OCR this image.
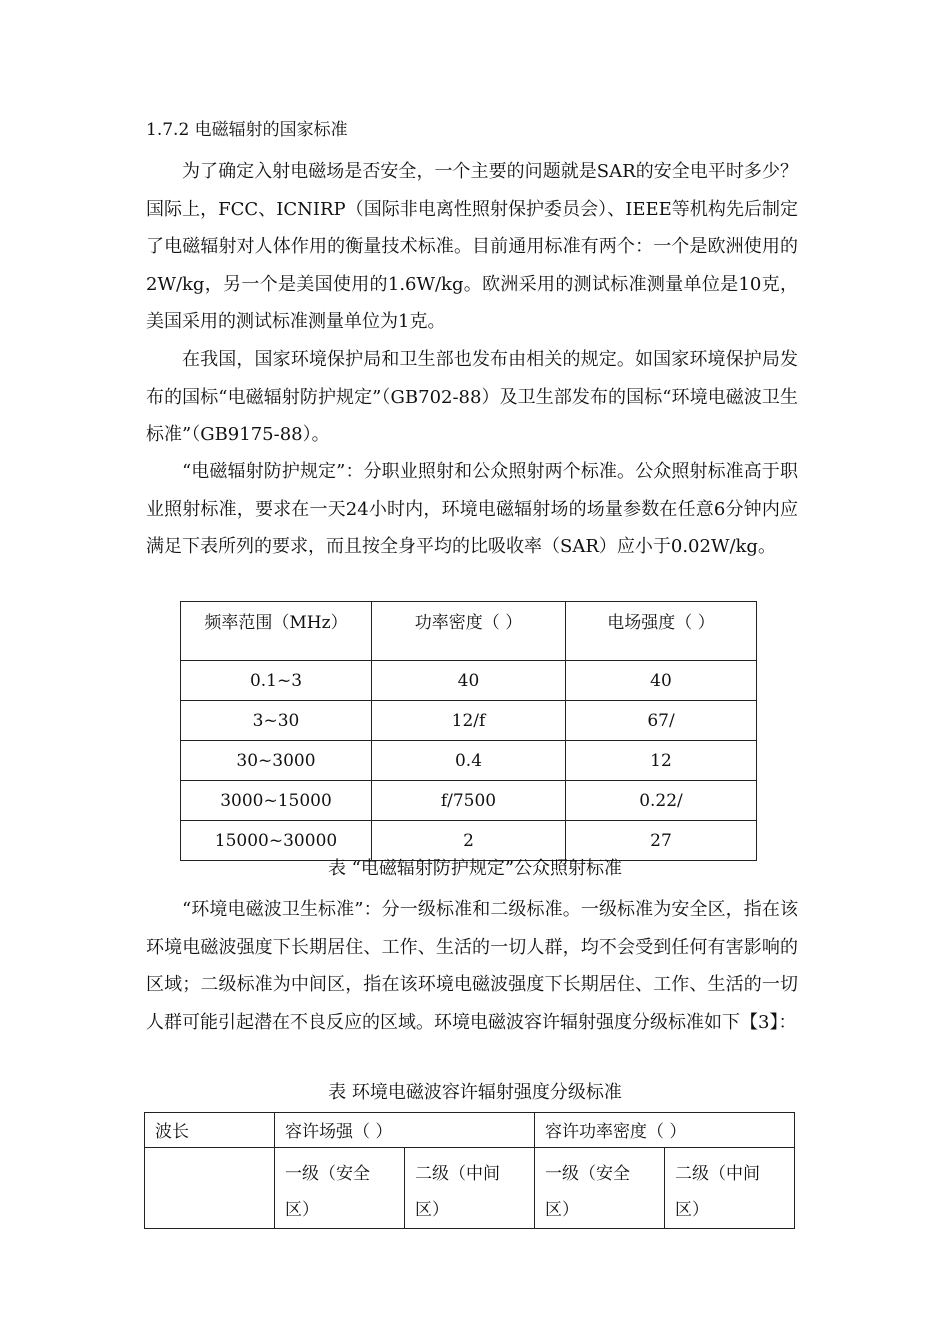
1.7.2 电磁辐射的国家标准

为了确定入射电磁场是否安全，一个主要的问题就是SAR的安全电平时多少？国际上，FCC、ICNIRP（国际非电离性照射保护委员会）、IEEE等机构先后制定了电磁辐射对人体作用的衡量技术标准。目前通用标准有两个：一个是欧洲使用的2W/kg，另一个是美国使用的1.6W/kg。欧洲采用的测试标准测量单位是10克，美国采用的测试标准测量单位为1克。

在我国，国家环境保护局和卫生部也发布由相关的规定。如国家环境保护局发布的国标“电磁辐射防护规定”（GB702-88）及卫生部发布的国标“环境电磁波卫生标准”（GB9175-88）。

“电磁辐射防护规定”：分职业照射和公众照射两个标准。公众照射标准高于职业照射标准，要求在一天24小时内，环境电磁辐射场的场量参数在任意6分钟内应满足下表所列的要求，而且按全身平均的比吸收率（SAR）应小于0.02W/kg。

频率范围（MHz）	功率密度（ ）	电场强度（ ）
0.1~3	40	40
3~30	12/f	67/
30~3000	0.4	12
3000~15000	f/7500	0.22/
15000~30000	2	27
表 “电磁辐射防护规定”公众照射标准

“环境电磁波卫生标准”：分一级标准和二级标准。一级标准为安全区，指在该环境电磁波强度下长期居住、工作、生活的一切人群，均不会受到任何有害影响的区域；二级标准为中间区，指在该环境电磁波强度下长期居住、工作、生活的一切人群可能引起潜在不良反应的区域。环境电磁波容许辐射强度分级标准如下【3】：

表 环境电磁波容许辐射强度分级标准
波长	容许场强（ ）		容许功率密度（ ）	
	一级（安全区）	二级（中间区）	一级（安全区）	二级（中间区）
